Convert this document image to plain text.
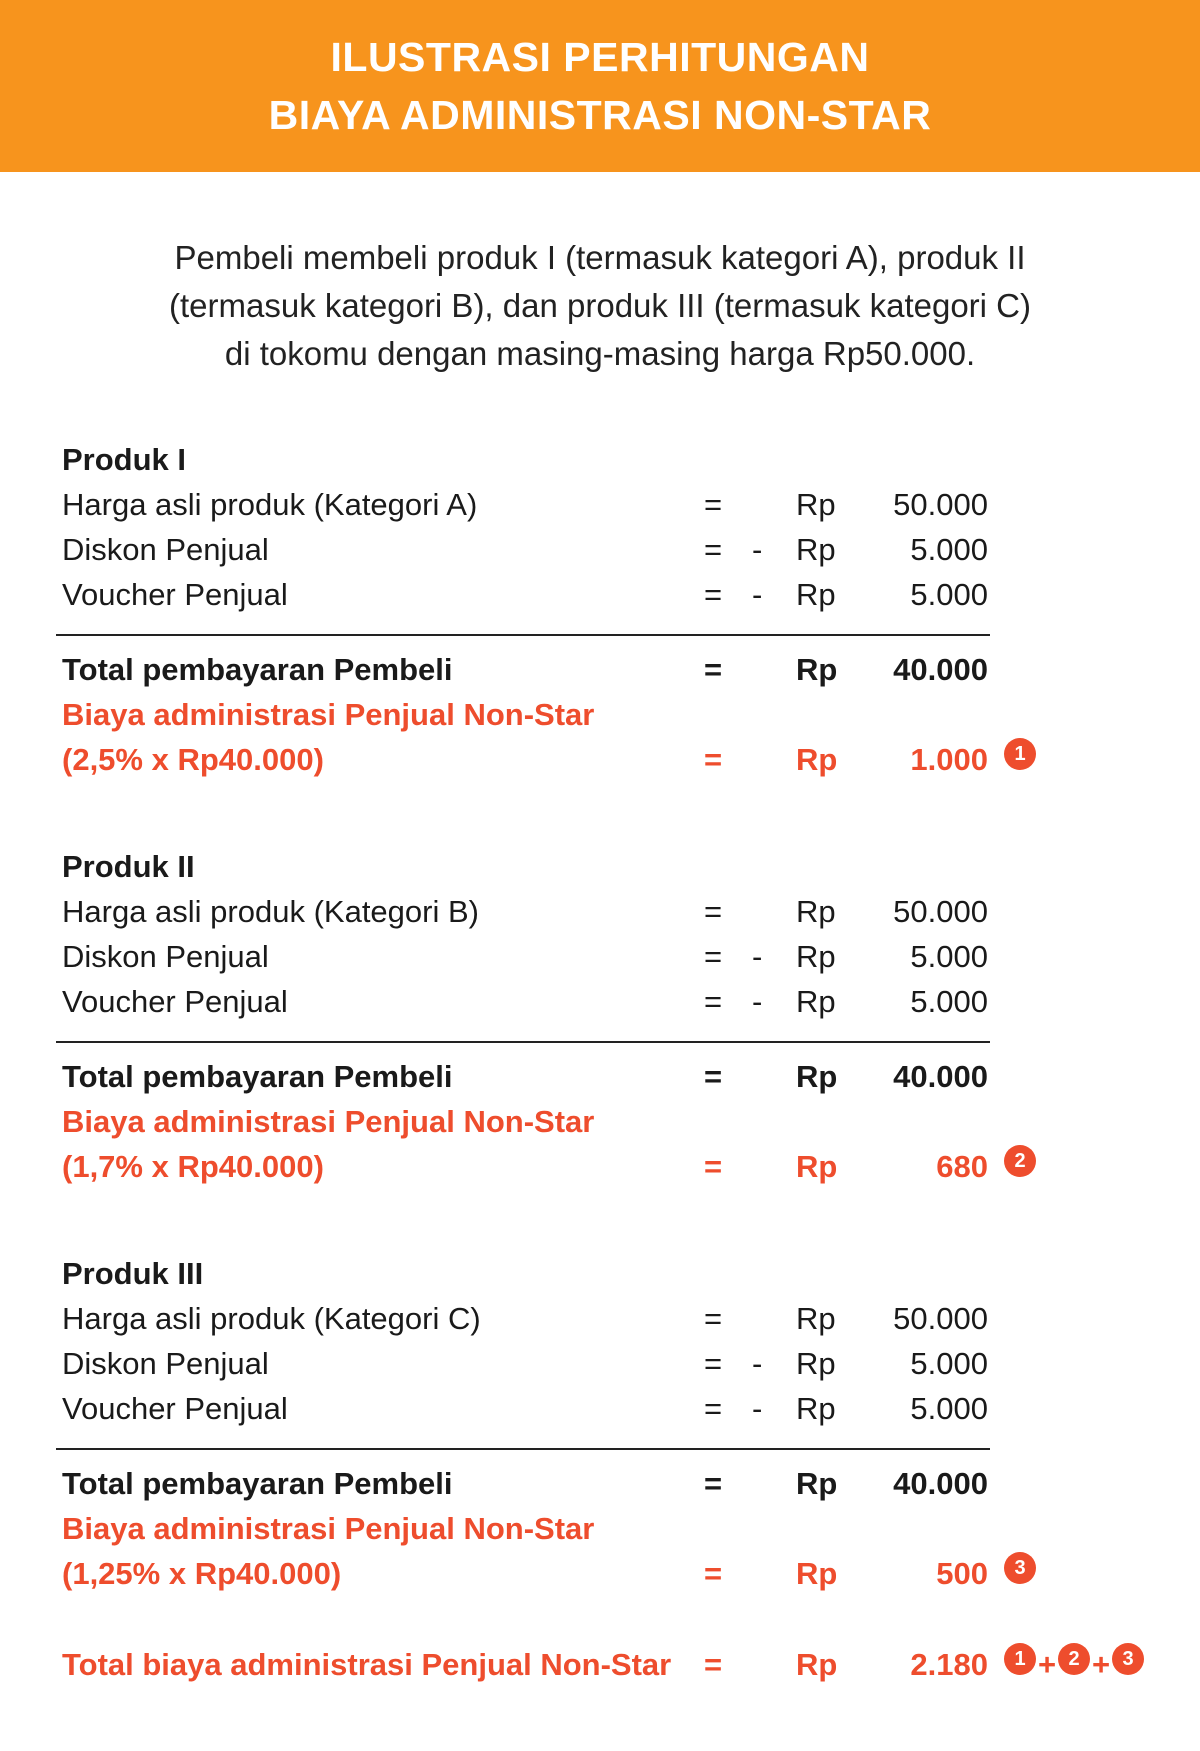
ILUSTRASI PERHITUNGAN
BIAYA ADMINISTRASI NON-STAR
Pembeli membeli produk I (termasuk kategori A), produk II
(termasuk kategori B), dan produk III (termasuk kategori C)
di tokomu dengan masing-masing harga Rp50.000.
Produk I
Harga asli produk (Kategori A)	= Rp 50.000
Diskon Penjual	= - Rp 5.000
Voucher Penjual	= - Rp 5.000
Total pembayaran Pembeli	= Rp 40.000
Biaya administrasi Penjual Non-Star
(2,5% x Rp40.000)	= Rp 1.000	1
Produk II
Harga asli produk (Kategori B)	= Rp 50.000
Diskon Penjual	= - Rp 5.000
Voucher Penjual	= - Rp 5.000
Total pembayaran Pembeli	= Rp 40.000
Biaya administrasi Penjual Non-Star
(1,7% x Rp40.000)	= Rp	680	2
Produk III
Harga asli produk (Kategori C)	= Rp 50.000
Diskon Penjual	= - Rp 5.000
Voucher Penjual	= - Rp 5.000
Total pembayaran Pembeli	= Rp 40.000
Biaya administrasi Penjual Non-Star
(1,25% x Rp40.000)	= Rp	500	3
Total biaya administrasi Penjual Non-Star = Rp 2.180	1 + 2 + 3
